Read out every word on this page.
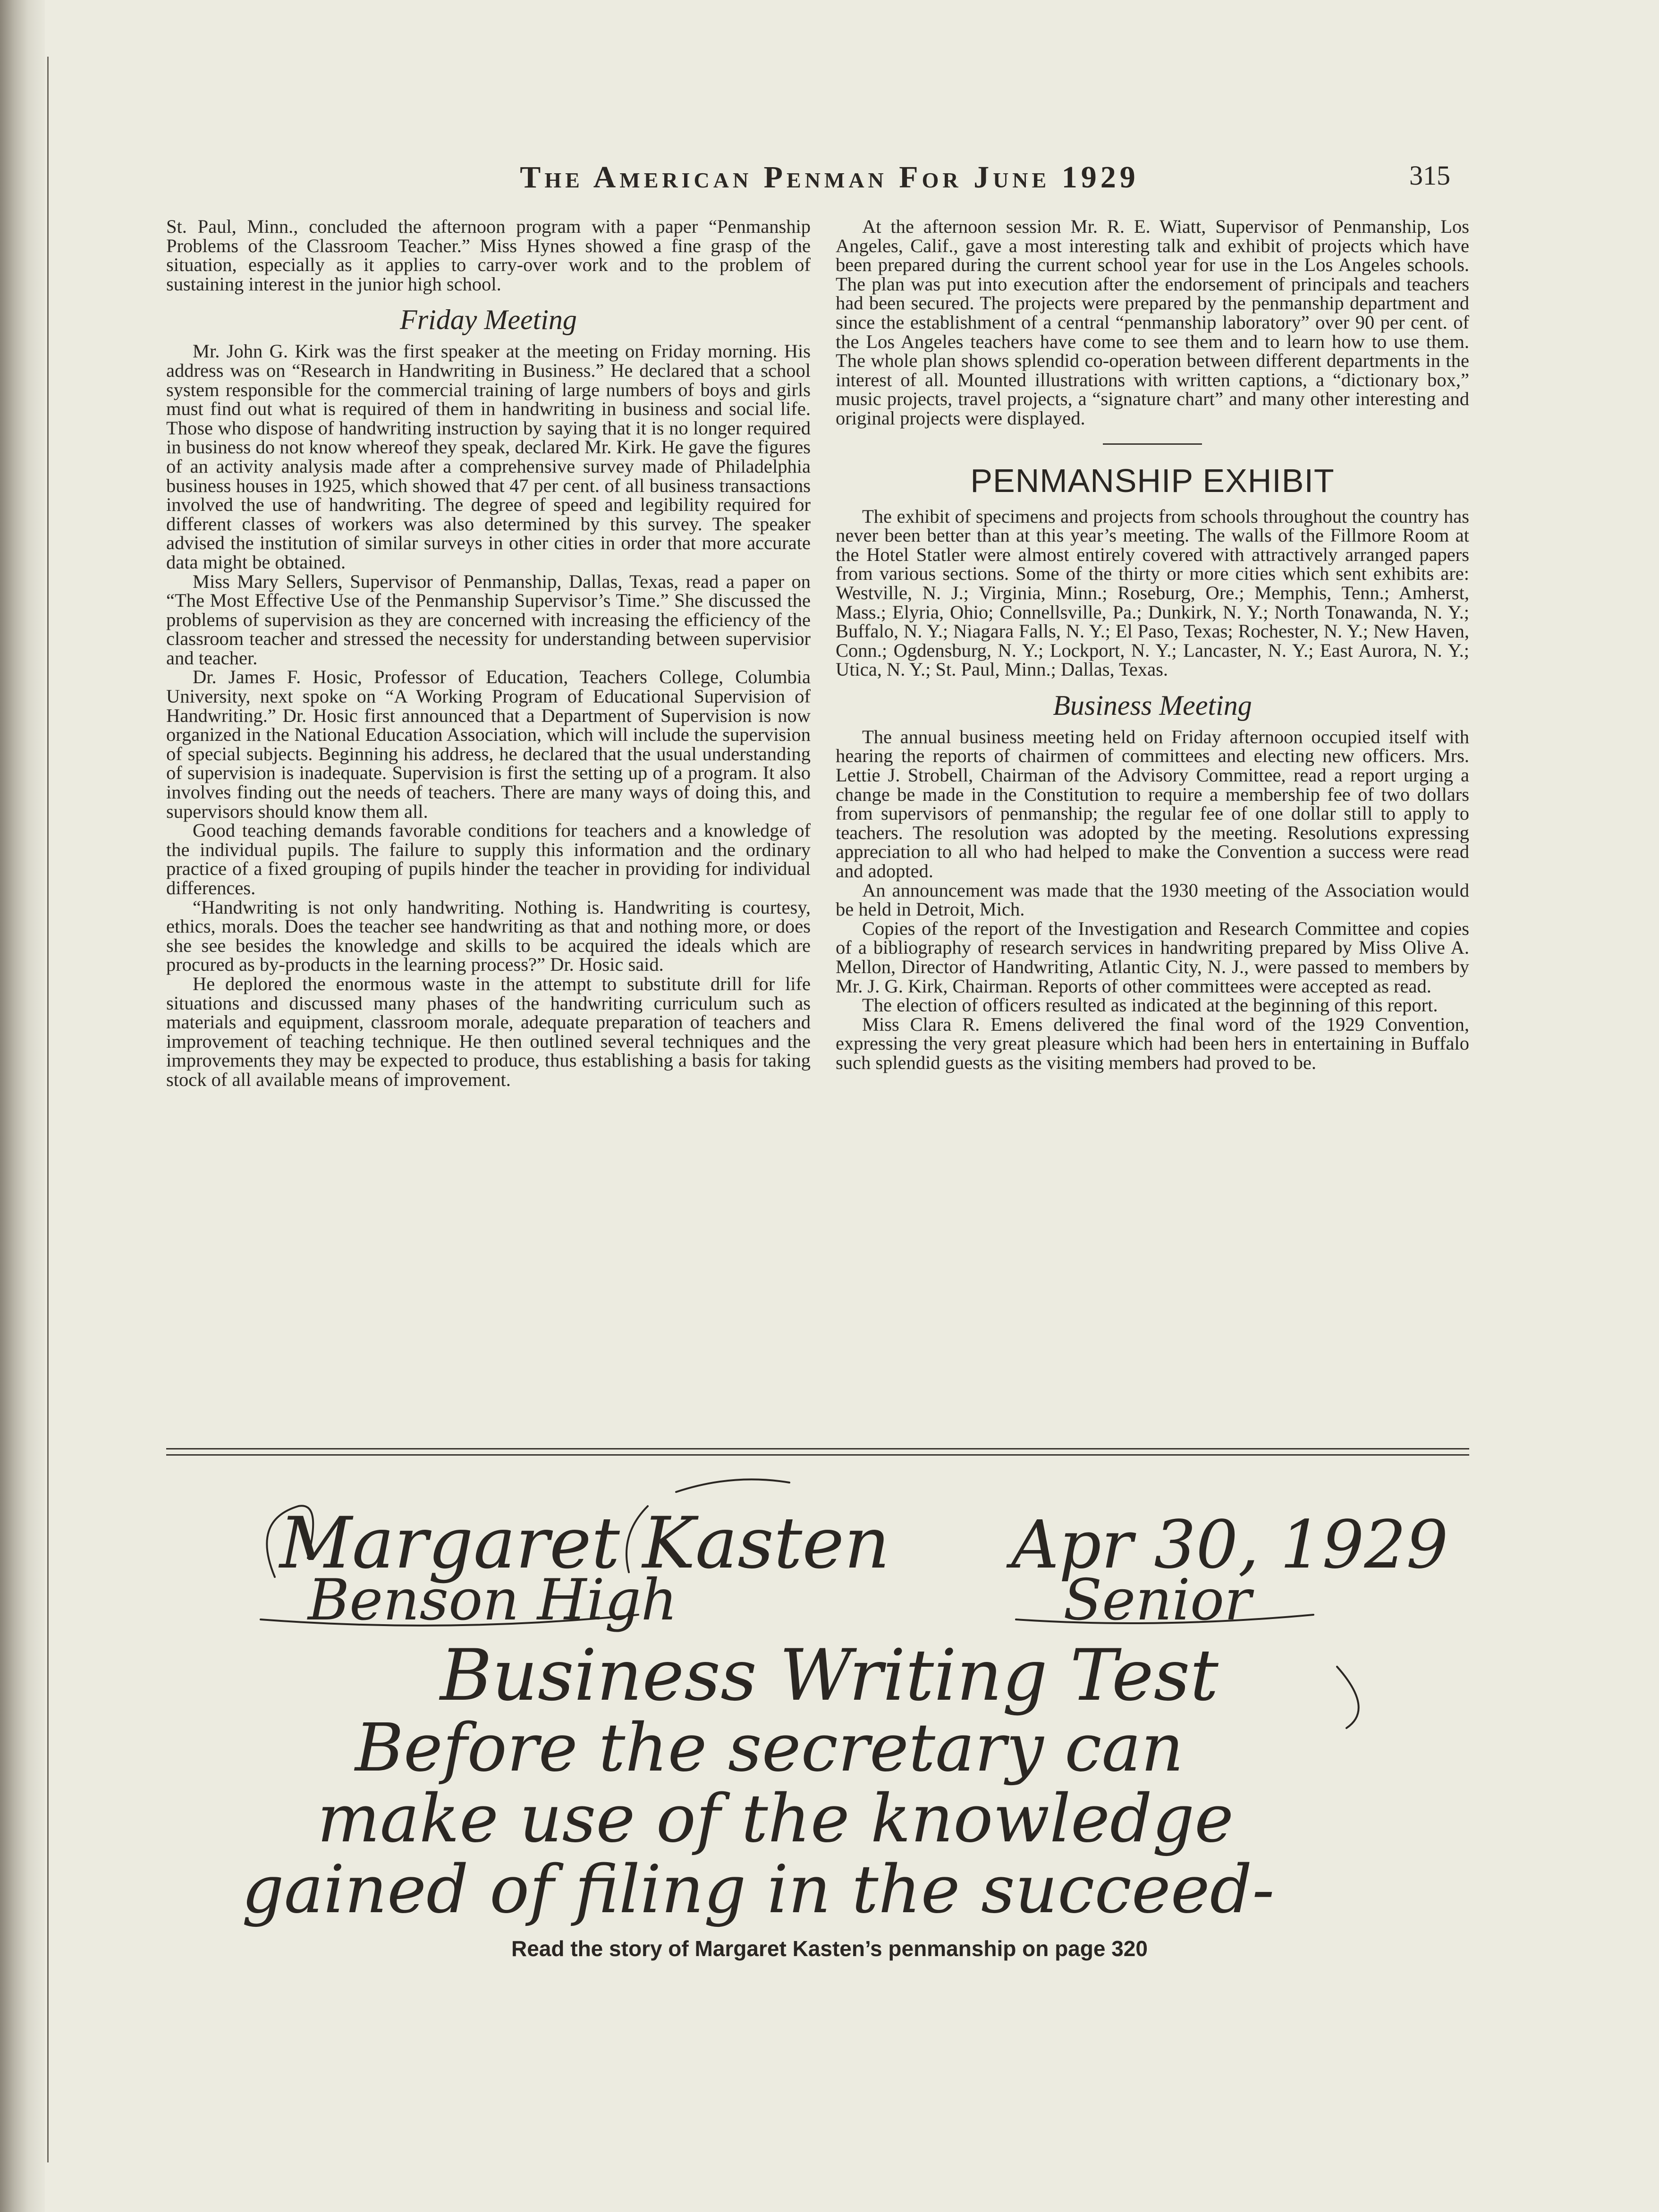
The American Penman For June 1929	315

St. Paul, Minn., concluded the afternoon program with a paper “Penmanship Problems of the Classroom Teacher.” Miss Hynes showed a fine grasp of the situation, especially as it applies to carry-over work and to the problem of sustaining interest in the junior high school.

Friday Meeting

Mr. John G. Kirk was the first speaker at the meeting on Friday morning. His address was on “Research in Handwriting in Business.” He declared that a school system responsible for the commercial training of large numbers of boys and girls must find out what is required of them in handwriting in business and social life. Those who dispose of handwriting instruction by saying that it is no longer required in business do not know whereof they speak, declared Mr. Kirk. He gave the figures of an activity analysis made after a comprehensive survey made of Philadelphia business houses in 1925, which showed that 47 per cent. of all business transactions involved the use of handwriting. The degree of speed and legibility required for different classes of workers was also determined by this survey. The speaker advised the institution of similar surveys in other cities in order that more accurate data might be obtained.

Miss Mary Sellers, Supervisor of Penmanship, Dallas, Texas, read a paper on “The Most Effective Use of the Penmanship Supervisor’s Time.” She discussed the problems of supervision as they are concerned with increasing the efficiency of the classroom teacher and stressed the necessity for understanding between supervisior and teacher.

Dr. James F. Hosic, Professor of Education, Teachers College, Columbia University, next spoke on “A Working Program of Educational Supervision of Handwriting.” Dr. Hosic first announced that a Department of Supervision is now organized in the National Education Association, which will include the supervision of special subjects. Beginning his address, he declared that the usual understanding of supervision is inadequate. Supervision is first the setting up of a program. It also involves finding out the needs of teachers. There are many ways of doing this, and supervisors should know them all.

Good teaching demands favorable conditions for teachers and a knowledge of the individual pupils. The failure to supply this information and the ordinary practice of a fixed grouping of pupils hinder the teacher in providing for individual differences.

“Handwriting is not only handwriting. Nothing is. Handwriting is courtesy, ethics, morals. Does the teacher see handwriting as that and nothing more, or does she see besides the knowledge and skills to be acquired the ideals which are procured as by-products in the learning process?” Dr. Hosic said.

He deplored the enormous waste in the attempt to substitute drill for life situations and discussed many phases of the handwriting curriculum such as materials and equipment, classroom morale, adequate preparation of teachers and improvement of teaching technique. He then outlined several techniques and the improvements they may be expected to produce, thus establishing a basis for taking stock of all available means of improvement.

At the afternoon session Mr. R. E. Wiatt, Supervisor of Penmanship, Los Angeles, Calif., gave a most interesting talk and exhibit of projects which have been prepared during the current school year for use in the Los Angeles schools. The plan was put into execution after the endorsement of principals and teachers had been secured. The projects were prepared by the penmanship department and since the establishment of a central “penmanship laboratory” over 90 per cent. of the Los Angeles teachers have come to see them and to learn how to use them. The whole plan shows splendid co-operation between different departments in the interest of all. Mounted illustrations with written captions, a “dictionary box,” music projects, travel projects, a “signature chart” and many other interesting and original projects were displayed.

PENMANSHIP EXHIBIT

The exhibit of specimens and projects from schools throughout the country has never been better than at this year’s meeting. The walls of the Fillmore Room at the Hotel Statler were almost entirely covered with attractively arranged papers from various sections. Some of the thirty or more cities which sent exhibits are: Westville, N. J.; Virginia, Minn.; Roseburg, Ore.; Memphis, Tenn.; Amherst, Mass.; Elyria, Ohio; Connellsville, Pa.; Dunkirk, N. Y.; North Tonawanda, N. Y.; Buffalo, N. Y.; Niagara Falls, N. Y.; El Paso, Texas; Rochester, N. Y.; New Haven, Conn.; Ogdensburg, N. Y.; Lockport, N. Y.; Lancaster, N. Y.; East Aurora, N. Y.; Utica, N. Y.; St. Paul, Minn.; Dallas, Texas.

Business Meeting

The annual business meeting held on Friday afternoon occupied itself with hearing the reports of chairmen of committees and electing new officers. Mrs. Lettie J. Strobell, Chairman of the Advisory Committee, read a report urging a change be made in the Constitution to require a membership fee of two dollars from supervisors of penmanship; the regular fee of one dollar still to apply to teachers. The resolution was adopted by the meeting. Resolutions expressing appreciation to all who had helped to make the Convention a success were read and adopted.

An announcement was made that the 1930 meeting of the Association would be held in Detroit, Mich.

Copies of the report of the Investigation and Research Committee and copies of a bibliography of research services in handwriting prepared by Miss Olive A. Mellon, Director of Handwriting, Atlantic City, N. J., were passed to members by Mr. J. G. Kirk, Chairman. Reports of other committees were accepted as read.

The election of officers resulted as indicated at the beginning of this report.

Miss Clara R. Emens delivered the final word of the 1929 Convention, expressing the very great pleasure which had been hers in entertaining in Buffalo such splendid guests as the visiting members had proved to be.

Margaret Kasten
Benson High
Apr 30, 1929
Senior
Business Writing Test
Before the secretary can
make use of the knowledge
gained of filing in the succeed-
Read the story of Margaret Kasten’s penmanship on page 320
